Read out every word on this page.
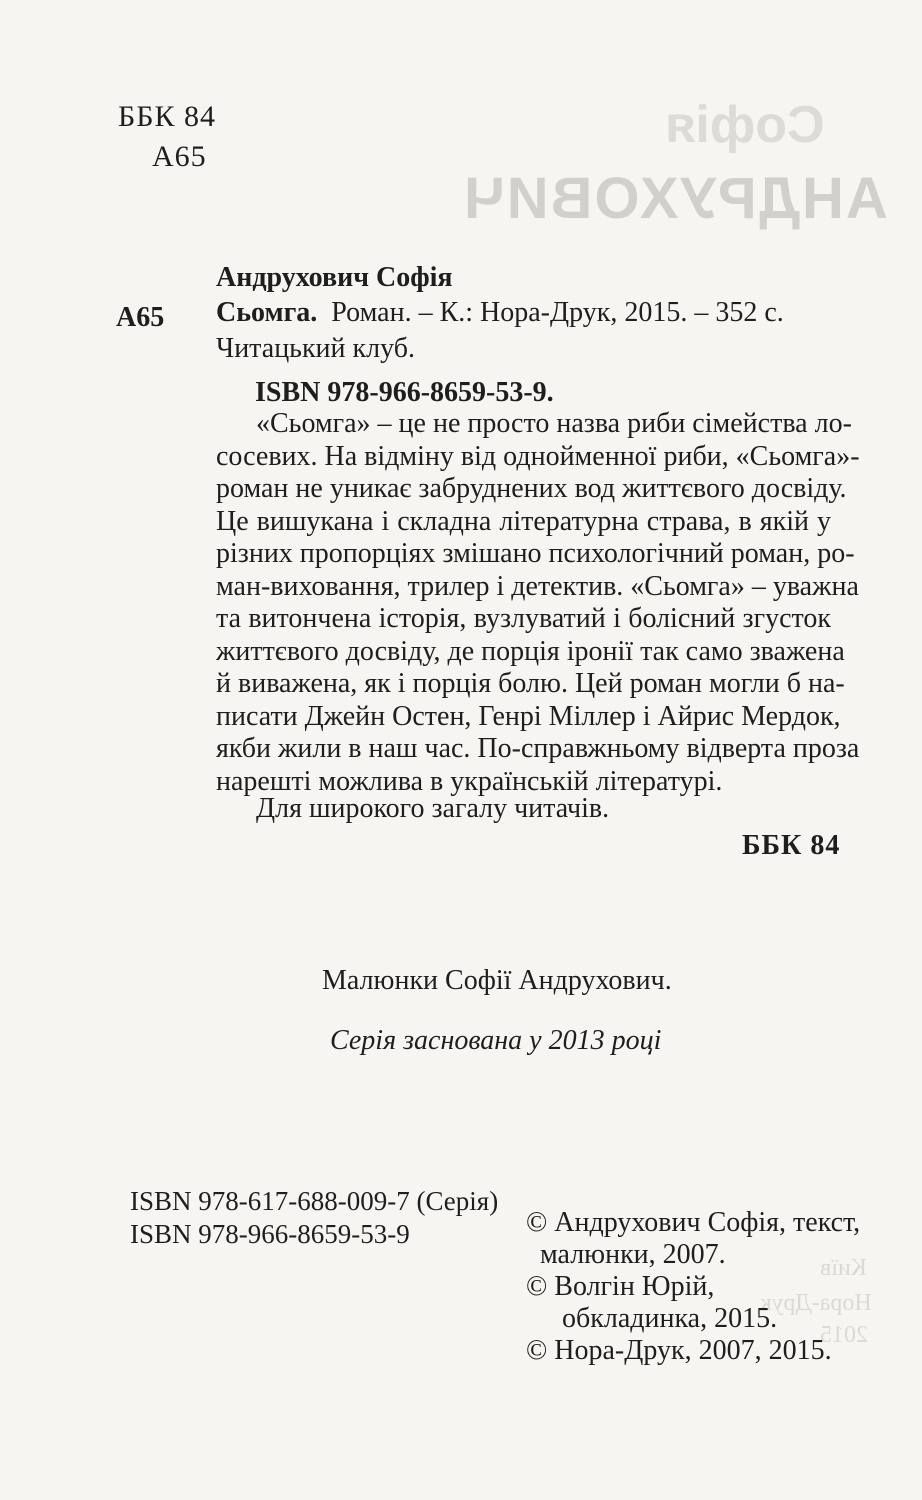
Софія
АНДРУХОВИЧ
Київ
Нора-Друк
2015
ББК 84
А65
Андрухович Софія
А65 Сьомга. Роман. – К.: Нора-Друк, 2015. – 352 с.
Читацький клуб.
ISBN 978-966-8659-53-9.
«Сьомга» – це не просто назва риби сімейства ло-
сосевих. На відміну від однойменної риби, «Сьомга»-
роман не уникає забруднених вод життєвого досвіду.
Це вишукана і складна літературна страва, в якій у
різних пропорціях змішано психологічний роман, ро-
ман-виховання, трилер і детектив. «Сьомга» – уважна
та витончена історія, вузлуватий і болісний згусток
життєвого досвіду, де порція іронії так само зважена
й виважена, як і порція болю. Цей роман могли б на-
писати Джейн Остен, Генрі Міллер і Айрис Мердок,
якби жили в наш час. По-справжньому відверта проза
нарешті можлива в українській літературі.
Для широкого загалу читачів.
ББК 84
Малюнки Софії Андрухович.
Серія заснована у 2013 році
ISBN 978-617-688-009-7 (Серія)
ISBN 978-966-8659-53-9	© Андрухович Софія, текст,
малюнки, 2007.
© Волгін Юрій,
обкладинка, 2015.
© Нора-Друк, 2007, 2015.
